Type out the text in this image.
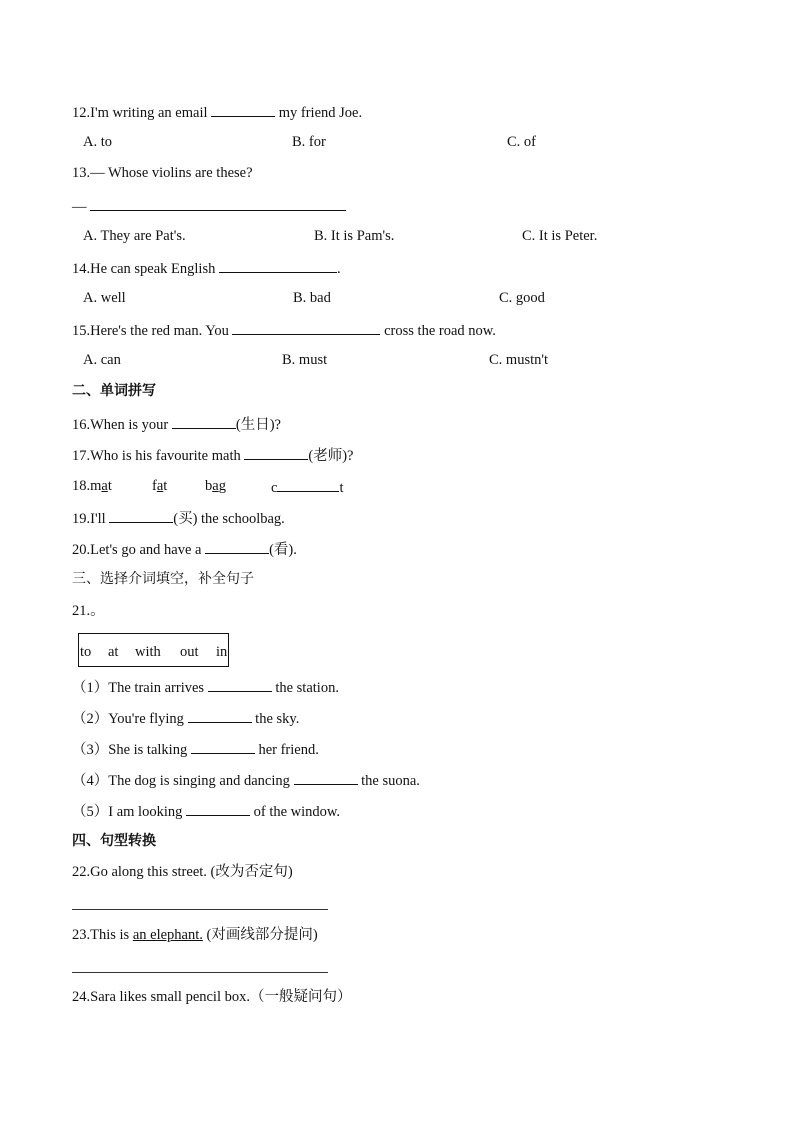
12.I'm writing an email	my friend Joe.
A. to	B. for	C. of
13.— Whose violins are these?
—
A. They are Pat's.	B. It is Pam's.	C. It is Peter.
14.He can speak English	.
A. well	B. bad	C. good
15.Here's the red man. You	cross the road now.
A. can	B. must	C. mustn't
二、单词拼写
16.When is your	(生日)?
17.Who is his favourite math	(老师)?
18.mat	fat	bag	c	t
19.I'll	(买) the schoolbag.
20.Let's go and have a	(看).
三、选择介词填空，补全句子
21.。
to at with out in
（1）The train arrives	the station.
（2）You're flying	the sky.
（3）She is talking	her friend.
（4）The dog is singing and dancing	the suona.
（5）I am looking	of the window.
四、句型转换
22.Go along this street. (改为否定句)
23.This is an elephant. (对画线部分提问)
24.Sara likes small pencil box.（一般疑问句）
